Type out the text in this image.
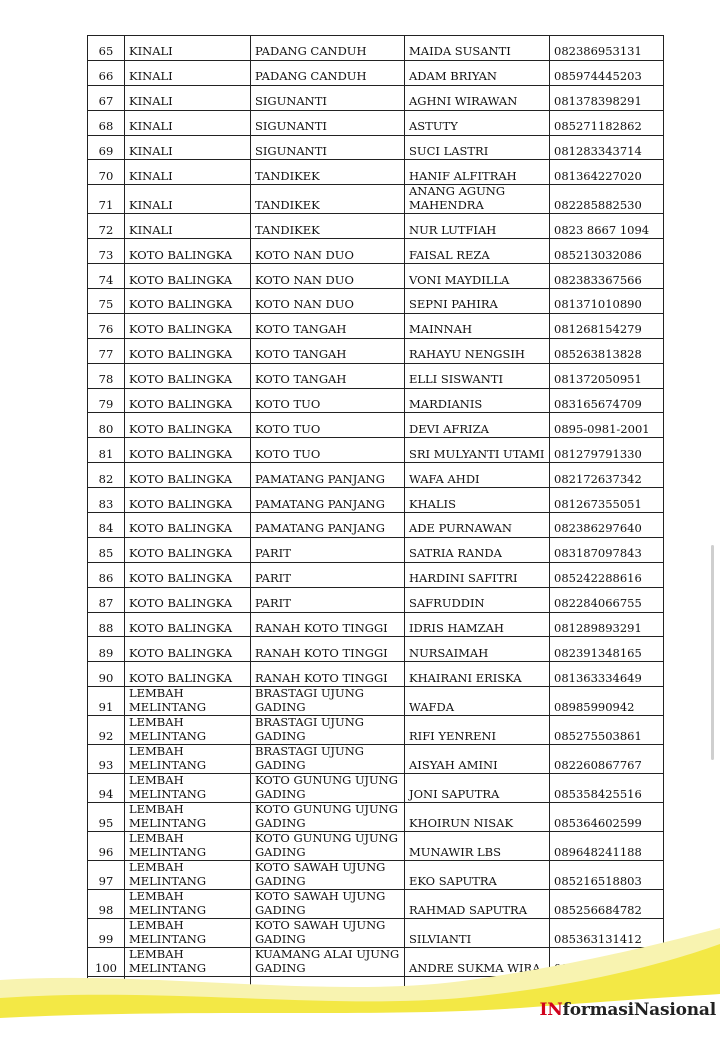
65	KINALI	PADANG CANDUH	MAIDA SUSANTI	082386953131
66	KINALI	PADANG CANDUH	ADAM BRIYAN	085974445203
67	KINALI	SIGUNANTI	AGHNI WIRAWAN	081378398291
68	KINALI	SIGUNANTI	ASTUTY	085271182862
69	KINALI	SIGUNANTI	SUCI LASTRI	081283343714
70	KINALI	TANDIKEK	HANIF ALFITRAH	081364227020
71	KINALI	TANDIKEK	ANANG AGUNG MAHENDRA	082285882530
72	KINALI	TANDIKEK	NUR LUTFIAH	0823 8667 1094
73	KOTO BALINGKA	KOTO NAN DUO	FAISAL REZA	085213032086
74	KOTO BALINGKA	KOTO NAN DUO	VONI MAYDILLA	082383367566
75	KOTO BALINGKA	KOTO NAN DUO	SEPNI PAHIRA	081371010890
76	KOTO BALINGKA	KOTO TANGAH	MAINNAH	081268154279
77	KOTO BALINGKA	KOTO TANGAH	RAHAYU NENGSIH	085263813828
78	KOTO BALINGKA	KOTO TANGAH	ELLI SISWANTI	081372050951
79	KOTO BALINGKA	KOTO TUO	MARDIANIS	083165674709
80	KOTO BALINGKA	KOTO TUO	DEVI AFRIZA	0895-0981-2001
81	KOTO BALINGKA	KOTO TUO	SRI MULYANTI UTAMI	081279791330
82	KOTO BALINGKA	PAMATANG PANJANG	WAFA AHDI	082172637342
83	KOTO BALINGKA	PAMATANG PANJANG	KHALIS	081267355051
84	KOTO BALINGKA	PAMATANG PANJANG	ADE PURNAWAN	082386297640
85	KOTO BALINGKA	PARIT	SATRIA RANDA	083187097843
86	KOTO BALINGKA	PARIT	HARDINI SAFITRI	085242288616
87	KOTO BALINGKA	PARIT	SAFRUDDIN	082284066755
88	KOTO BALINGKA	RANAH KOTO TINGGI	IDRIS HAMZAH	081289893291
89	KOTO BALINGKA	RANAH KOTO TINGGI	NURSAIMAH	082391348165
90	KOTO BALINGKA	RANAH KOTO TINGGI	KHAIRANI ERISKA	081363334649
91	LEMBAH MELINTANG	BRASTAGI UJUNG GADING	WAFDA	08985990942
92	LEMBAH MELINTANG	BRASTAGI UJUNG GADING	RIFI YENRENI	085275503861
93	LEMBAH MELINTANG	BRASTAGI UJUNG GADING	AISYAH AMINI	082260867767
94	LEMBAH MELINTANG	KOTO GUNUNG UJUNG GADING	JONI SAPUTRA	085358425516
95	LEMBAH MELINTANG	KOTO GUNUNG UJUNG GADING	KHOIRUN NISAK	085364602599
96	LEMBAH MELINTANG	KOTO GUNUNG UJUNG GADING	MUNAWIR LBS	089648241188
97	LEMBAH MELINTANG	KOTO SAWAH UJUNG GADING	EKO SAPUTRA	085216518803
98	LEMBAH MELINTANG	KOTO SAWAH UJUNG GADING	RAHMAD SAPUTRA	085256684782
99	LEMBAH MELINTANG	KOTO SAWAH UJUNG GADING	SILVIANTI	085363131412
100	LEMBAH MELINTANG	KUAMANG ALAI UJUNG GADING	ANDRE SUKMA WIRA	

INformasiNasional
